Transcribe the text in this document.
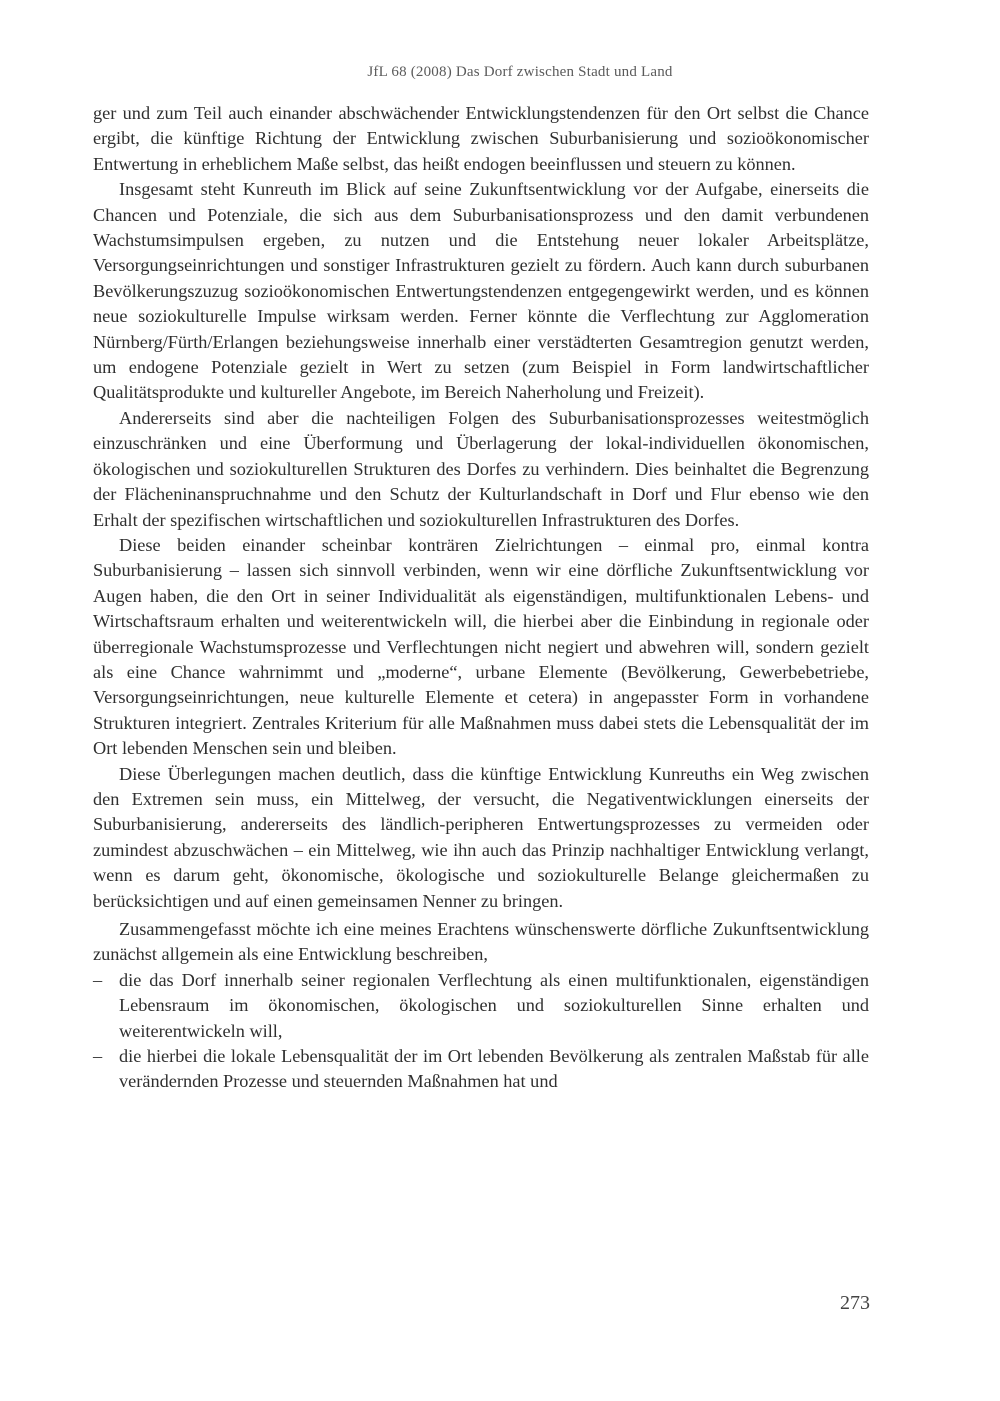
JfL 68 (2008) Das Dorf zwischen Stadt und Land

ger und zum Teil auch einander abschwächender Entwicklungstendenzen für den Ort selbst die Chance ergibt, die künftige Richtung der Entwicklung zwischen Suburbanisierung und sozioökonomischer Entwertung in erheblichem Maße selbst, das heißt endogen beeinflussen und steuern zu können.

Insgesamt steht Kunreuth im Blick auf seine Zukunftsentwicklung vor der Aufgabe, einerseits die Chancen und Potenziale, die sich aus dem Suburbanisationsprozess und den damit verbundenen Wachstumsimpulsen ergeben, zu nutzen und die Entstehung neuer lokaler Arbeitsplätze, Versorgungseinrichtungen und sonstiger Infrastrukturen gezielt zu fördern. Auch kann durch suburbanen Bevölkerungszuzug sozioökonomischen Entwertungstendenzen entgegengewirkt werden, und es können neue soziokulturelle Impulse wirksam werden. Ferner könnte die Verflechtung zur Agglomeration Nürnberg/Fürth/Erlangen beziehungsweise innerhalb einer verstädterten Gesamtregion genutzt werden, um endogene Potenziale gezielt in Wert zu setzen (zum Beispiel in Form landwirtschaftlicher Qualitätsprodukte und kultureller Angebote, im Bereich Naherholung und Freizeit).

Andererseits sind aber die nachteiligen Folgen des Suburbanisationsprozesses weitestmöglich einzuschränken und eine Überformung und Überlagerung der lokal-individuellen ökonomischen, ökologischen und soziokulturellen Strukturen des Dorfes zu verhindern. Dies beinhaltet die Begrenzung der Flächeninanspruchnahme und den Schutz der Kulturlandschaft in Dorf und Flur ebenso wie den Erhalt der spezifischen wirtschaftlichen und soziokulturellen Infrastrukturen des Dorfes.

Diese beiden einander scheinbar konträren Zielrichtungen – einmal pro, einmal kontra Suburbanisierung – lassen sich sinnvoll verbinden, wenn wir eine dörfliche Zukunftsentwicklung vor Augen haben, die den Ort in seiner Individualität als eigenständigen, multifunktionalen Lebens- und Wirtschaftsraum erhalten und weiterentwickeln will, die hierbei aber die Einbindung in regionale oder überregionale Wachstumsprozesse und Verflechtungen nicht negiert und abwehren will, sondern gezielt als eine Chance wahrnimmt und „moderne“, urbane Elemente (Bevölkerung, Gewerbebetriebe, Versorgungseinrichtungen, neue kulturelle Elemente et cetera) in angepasster Form in vorhandene Strukturen integriert. Zentrales Kriterium für alle Maßnahmen muss dabei stets die Lebensqualität der im Ort lebenden Menschen sein und bleiben.

Diese Überlegungen machen deutlich, dass die künftige Entwicklung Kunreuths ein Weg zwischen den Extremen sein muss, ein Mittelweg, der versucht, die Negativentwicklungen einerseits der Suburbanisierung, andererseits des ländlich-peripheren Entwertungsprozesses zu vermeiden oder zumindest abzuschwächen – ein Mittelweg, wie ihn auch das Prinzip nachhaltiger Entwicklung verlangt, wenn es darum geht, ökonomische, ökologische und soziokulturelle Belange gleichermaßen zu berücksichtigen und auf einen gemeinsamen Nenner zu bringen.

Zusammengefasst möchte ich eine meines Erachtens wünschenswerte dörfliche Zukunftsentwicklung zunächst allgemein als eine Entwicklung beschreiben,

– die das Dorf innerhalb seiner regionalen Verflechtung als einen multifunktionalen, eigenständigen Lebensraum im ökonomischen, ökologischen und soziokulturellen Sinne erhalten und weiterentwickeln will,
– die hierbei die lokale Lebensqualität der im Ort lebenden Bevölkerung als zentralen Maßstab für alle verändernden Prozesse und steuernden Maßnahmen hat und
273
